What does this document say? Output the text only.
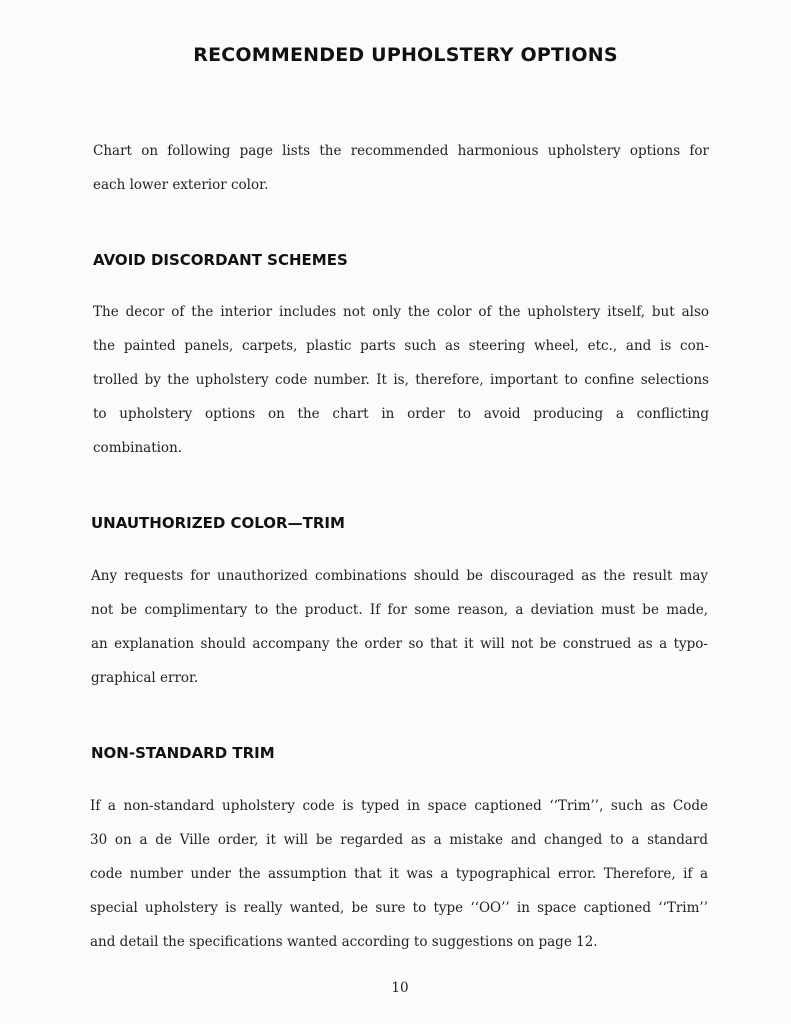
RECOMMENDED UPHOLSTERY OPTIONS
Chart on following page lists the recommended harmonious upholstery options for
each lower exterior color.
AVOID DISCORDANT SCHEMES
The decor of the interior includes not only the color of the upholstery itself, but also
the painted panels, carpets, plastic parts such as steering wheel, etc., and is con-
trolled by the upholstery code number. It is, therefore, important to confine selections
to upholstery options on the chart in order to avoid producing a conflicting
combination.
UNAUTHORIZED COLOR—TRIM
Any requests for unauthorized combinations should be discouraged as the result may
not be complimentary to the product. If for some reason, a deviation must be made,
an explanation should accompany the order so that it will not be construed as a typo-
graphical error.
NON-STANDARD TRIM
If a non-standard upholstery code is typed in space captioned ‘‘Trim’’, such as Code
30 on a de Ville order, it will be regarded as a mistake and changed to a standard
code number under the assumption that it was a typographical error. Therefore, if a
special upholstery is really wanted, be sure to type ‘‘OO’’ in space captioned ‘‘Trim’’
and detail the specifications wanted according to suggestions on page 12.

10
